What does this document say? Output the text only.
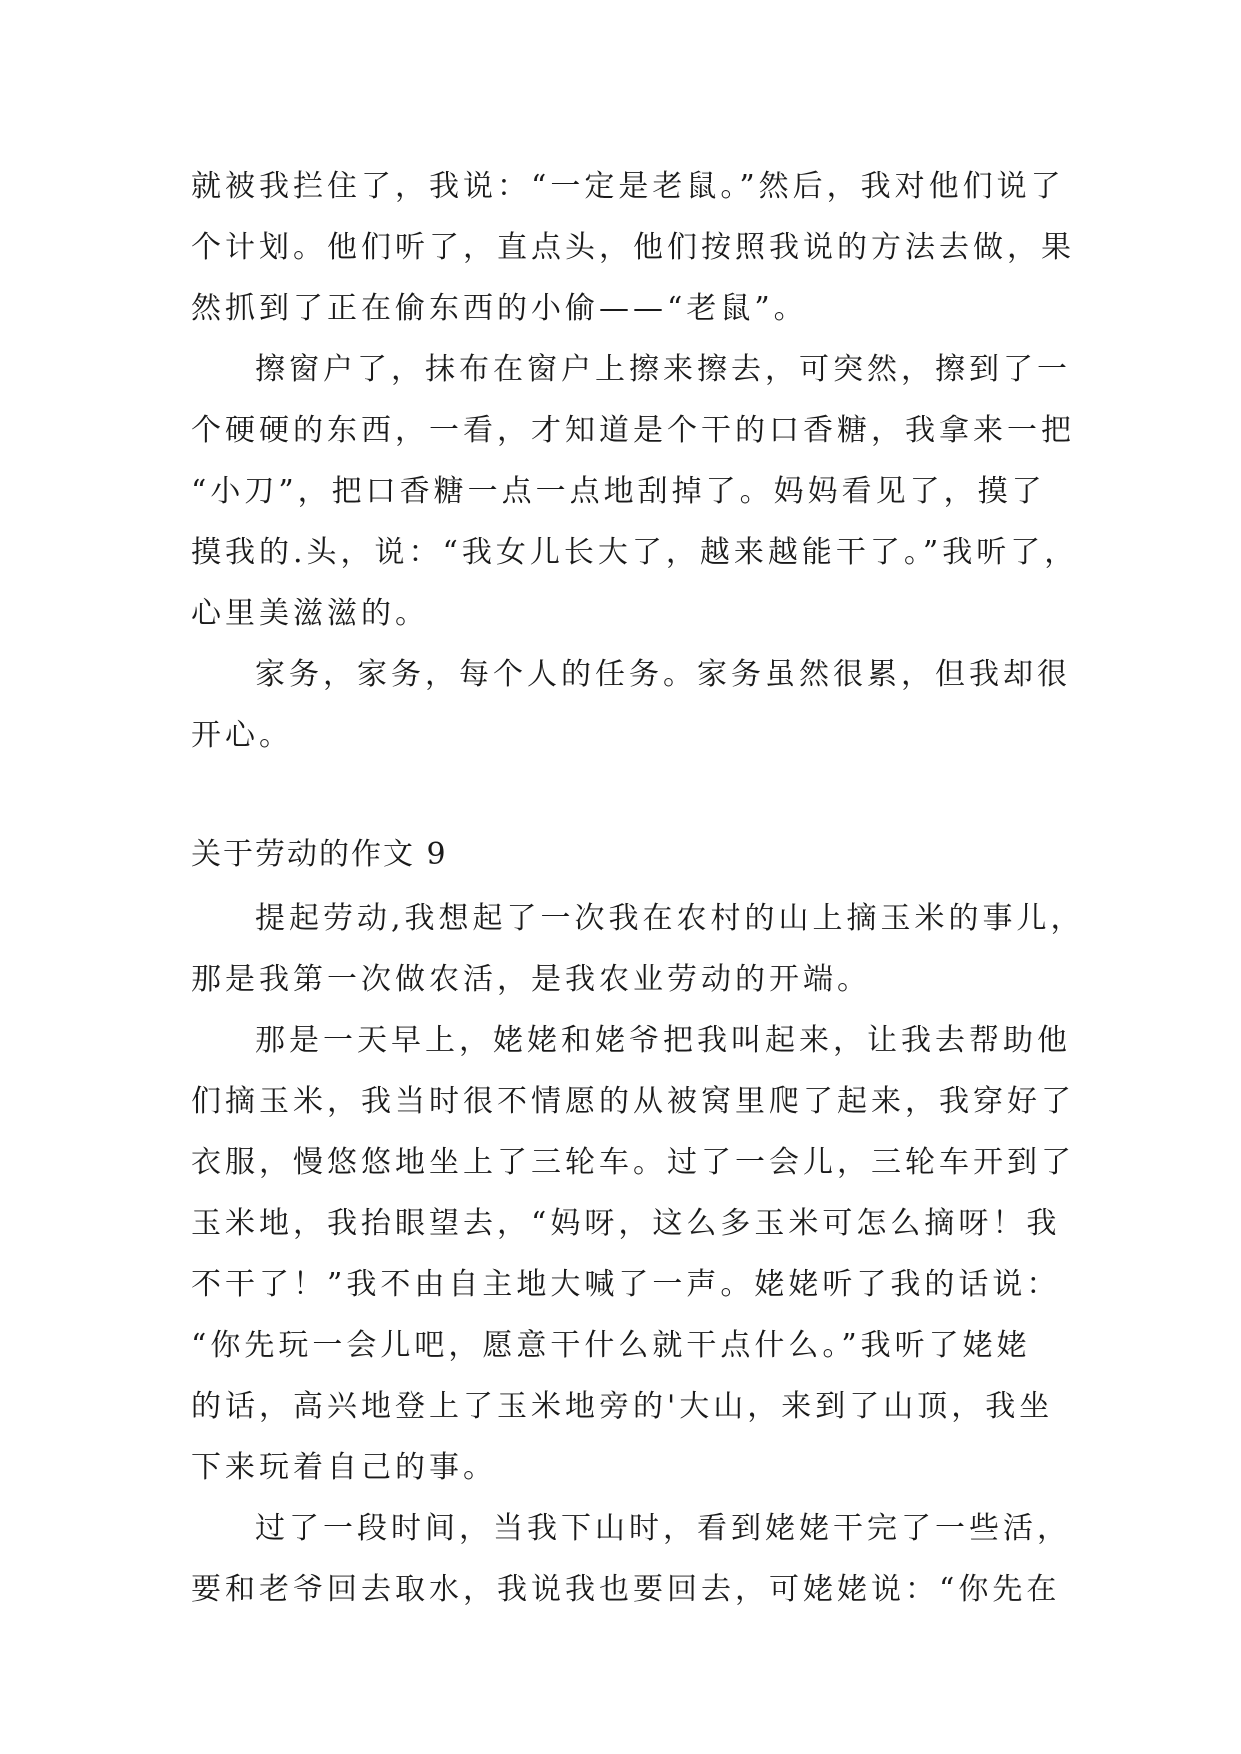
就被我拦住了，我说：“一定是老鼠。”然后，我对他们说了
个计划。他们听了，直点头，他们按照我说的方法去做，果
然抓到了正在偷东西的小偷——“老鼠”。
擦窗户了，抹布在窗户上擦来擦去，可突然，擦到了一
个硬硬的东西，一看，才知道是个干的口香糖，我拿来一把
“小刀”，把口香糖一点一点地刮掉了。妈妈看见了，摸了
摸我的.头，说：“我女儿长大了，越来越能干了。”我听了，
心里美滋滋的。
家务，家务，每个人的任务。家务虽然很累，但我却很
开心。
关于劳动的作文 9
提起劳动,我想起了一次我在农村的山上摘玉米的事儿，
那是我第一次做农活，是我农业劳动的开端。
那是一天早上，姥姥和姥爷把我叫起来，让我去帮助他
们摘玉米，我当时很不情愿的从被窝里爬了起来，我穿好了
衣服，慢悠悠地坐上了三轮车。过了一会儿，三轮车开到了
玉米地，我抬眼望去，“妈呀，这么多玉米可怎么摘呀！我
不干了！”我不由自主地大喊了一声。姥姥听了我的话说：
“你先玩一会儿吧，愿意干什么就干点什么。”我听了姥姥
的话，高兴地登上了玉米地旁的'大山，来到了山顶，我坐
下来玩着自己的事。
过了一段时间，当我下山时，看到姥姥干完了一些活，
要和老爷回去取水，我说我也要回去，可姥姥说：“你先在
